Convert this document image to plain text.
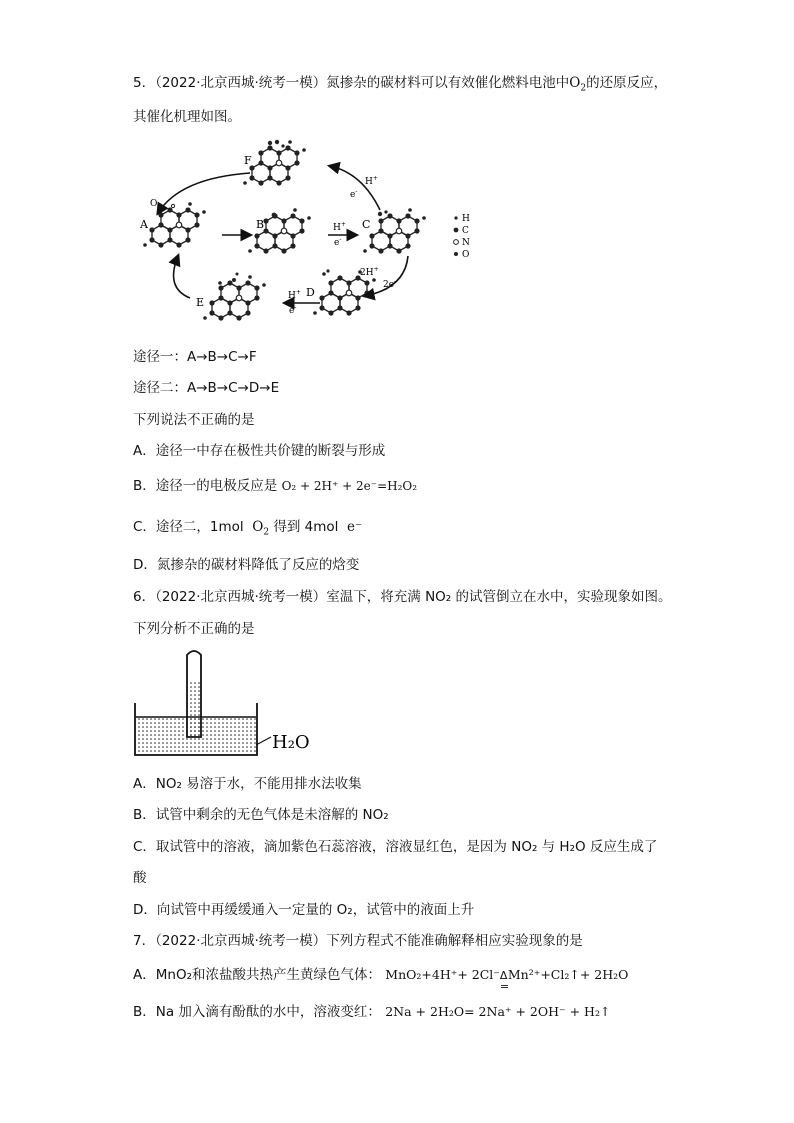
5．（2022·北京西城·统考一模）氮掺杂的碳材料可以有效催化燃料电池中$O_2$的还原反应，
其催化机理如图。
F
A	B	C
D
E
$O_2$
H+
e-
H+
e-
2H+
2e-
H+
e-
H
C
N
O
途径一：A→B→C→F
途径二：A→B→C→D→E
下列说法不正确的是
A．途径一中存在极性共价键的断裂与形成
B．途径一的电极反应是 O₂ + 2H⁺ + 2e⁻=H₂O₂
C．途径二，1mol $O_2$ 得到 4mol e⁻
D．氮掺杂的碳材料降低了反应的焓变
6．（2022·北京西城·统考一模）室温下，将充满 NO₂ 的试管倒立在水中，实验现象如图。
下列分析不正确的是
H₂O
A．NO₂ 易溶于水，不能用排水法收集
B．试管中剩余的无色气体是未溶解的 NO₂
C．取试管中的溶液，滴加紫色石蕊溶液，溶液显红色，是因为 NO₂ 与 H₂O 反应生成了
酸
D．向试管中再缓缓通入一定量的 O₂，试管中的液面上升
7．（2022·北京西城·统考一模）下列方程式不能准确解释相应实验现象的是
A．MnO₂和浓盐酸共热产生黄绿色气体： MnO₂+4H⁺+ 2Cl⁻ Δ
=
Mn²⁺+Cl₂↑+ 2H₂O
B．Na 加入滴有酚酞的水中，溶液变红： 2Na + 2H₂O= 2Na⁺ + 2OH⁻ + H₂↑
